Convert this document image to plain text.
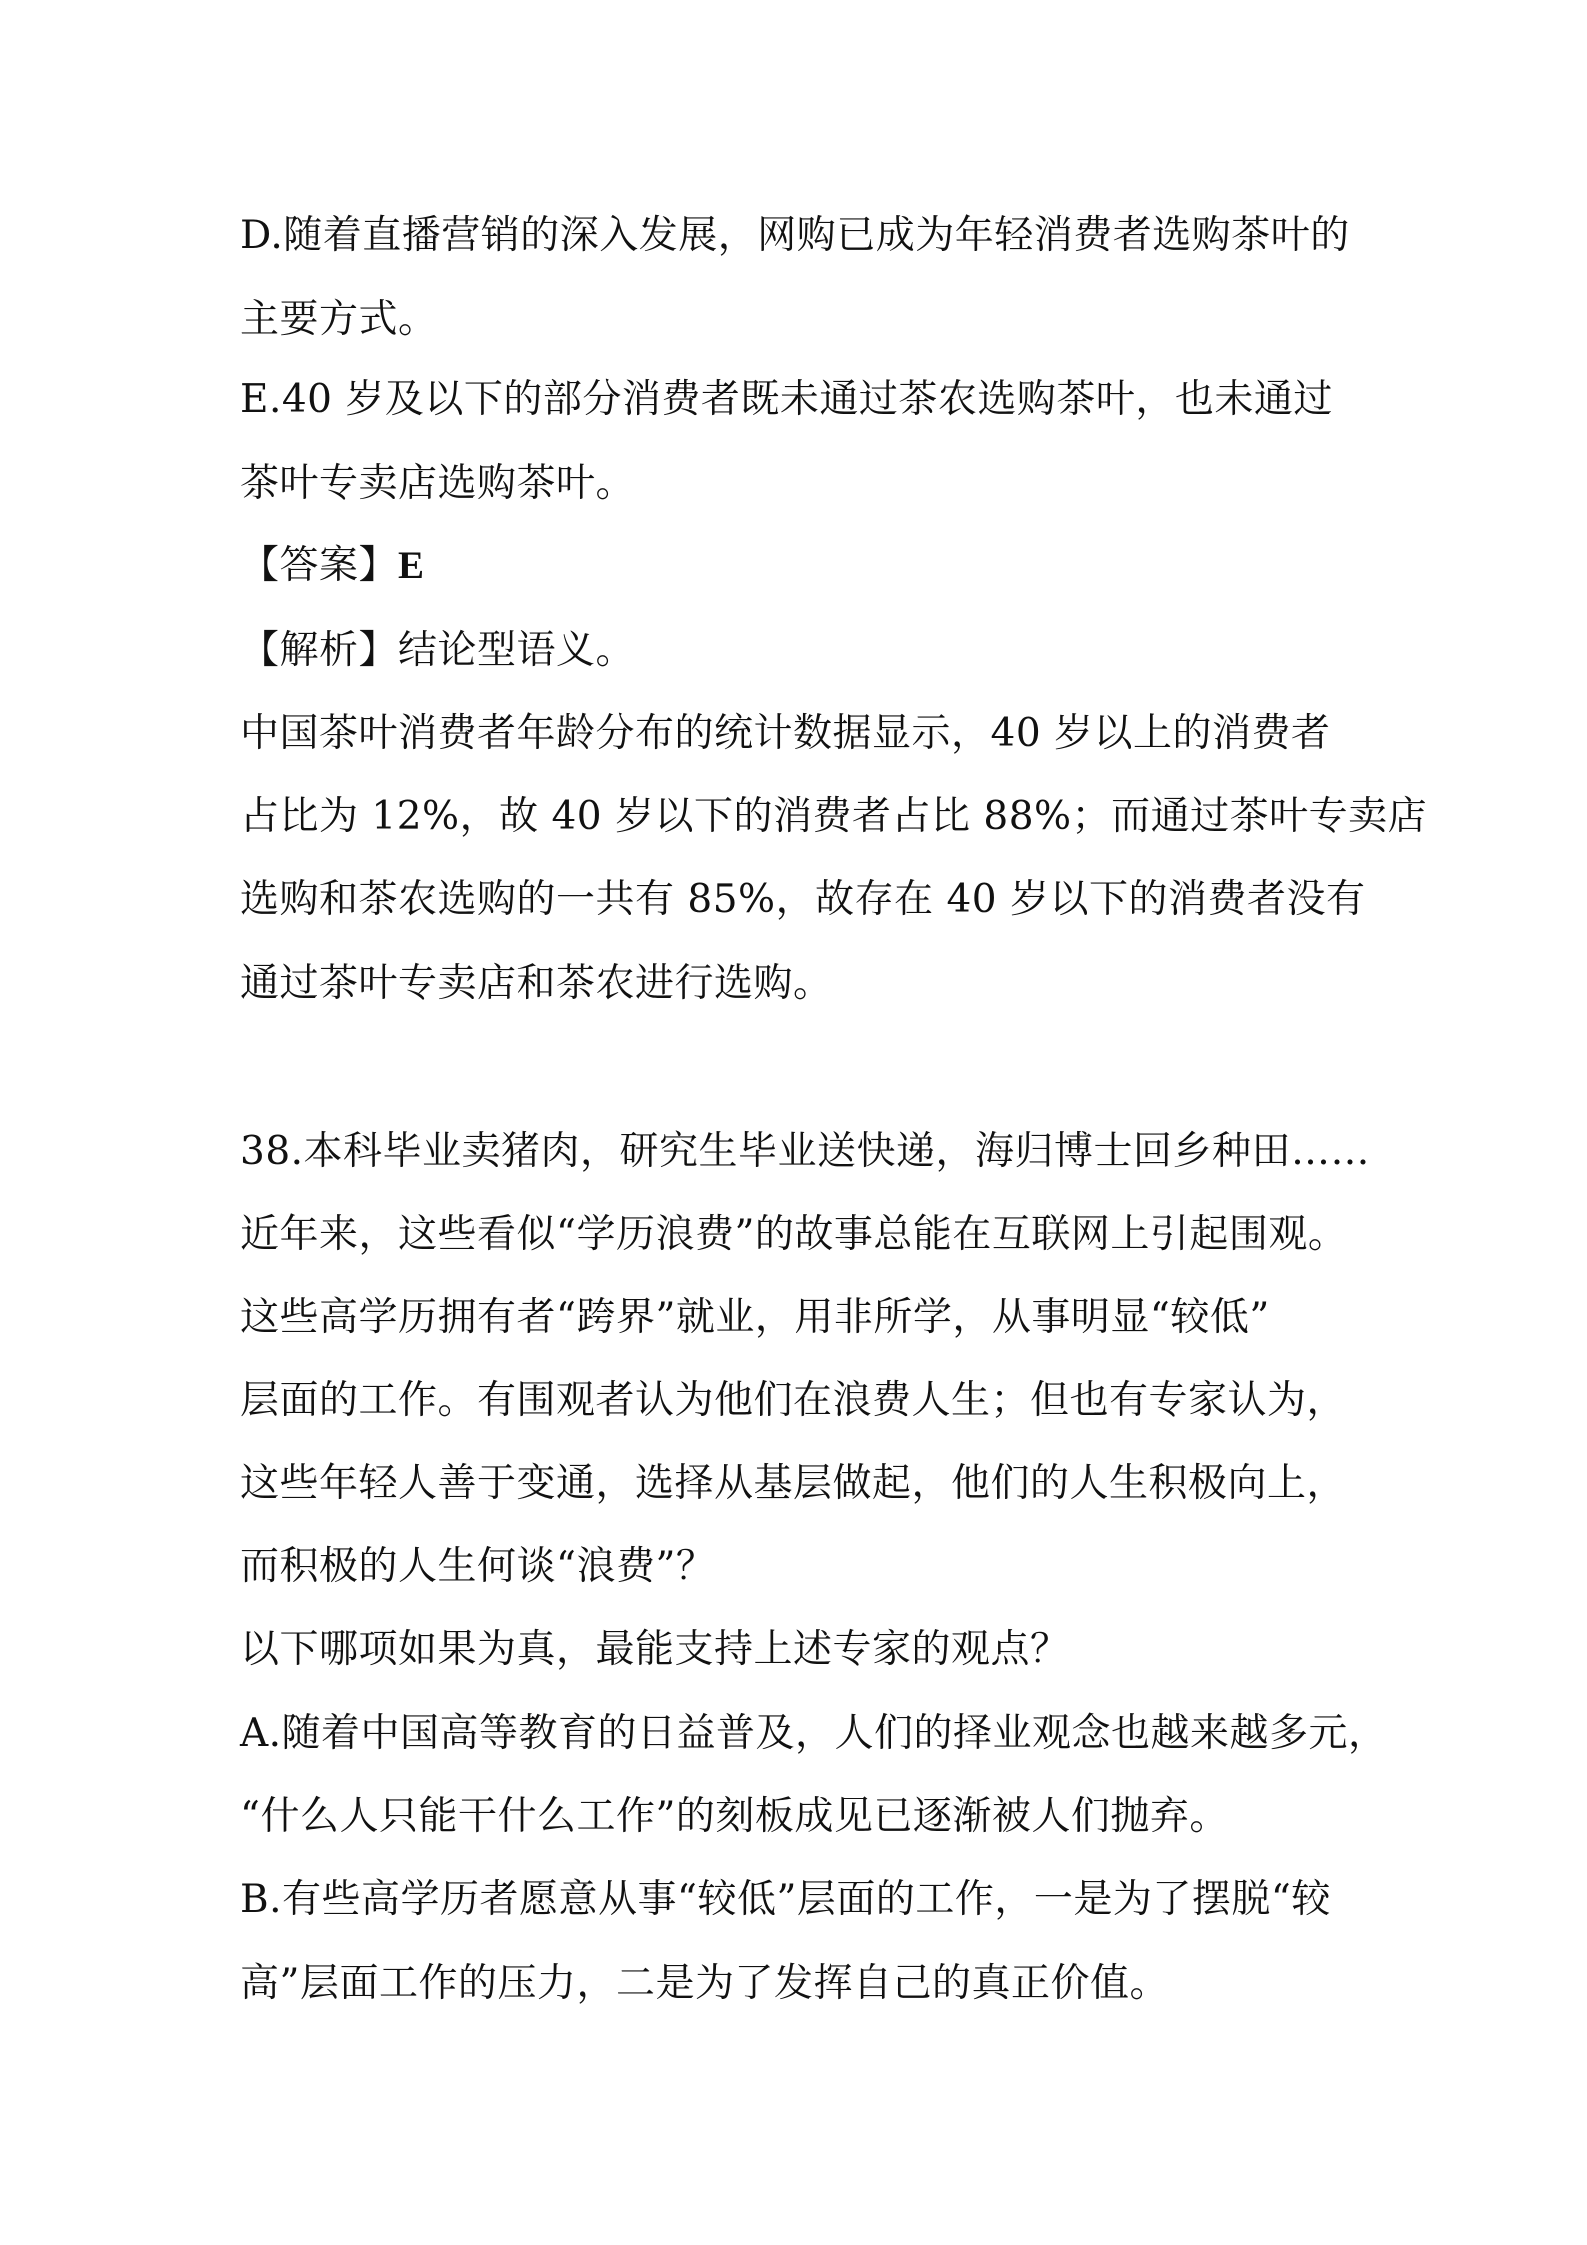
D.随着直播营销的深入发展，网购已成为年轻消费者选购茶叶的
主要方式。
E.40 岁及以下的部分消费者既未通过茶农选购茶叶，也未通过
茶叶专卖店选购茶叶。
【答案】E
【解析】结论型语义。
中国茶叶消费者年龄分布的统计数据显示，40 岁以上的消费者
占比为 12%，故 40 岁以下的消费者占比 88%；而通过茶叶专卖店
选购和茶农选购的一共有 85%，故存在 40 岁以下的消费者没有
通过茶叶专卖店和茶农进行选购。
38.本科毕业卖猪肉，研究生毕业送快递，海归博士回乡种田……
近年来，这些看似“学历浪费”的故事总能在互联网上引起围观。
这些高学历拥有者“跨界”就业，用非所学，从事明显“较低”
层面的工作。有围观者认为他们在浪费人生；但也有专家认为，
这些年轻人善于变通，选择从基层做起，他们的人生积极向上，
而积极的人生何谈“浪费”？
以下哪项如果为真，最能支持上述专家的观点？
A.随着中国高等教育的日益普及，人们的择业观念也越来越多元，
“什么人只能干什么工作”的刻板成见已逐渐被人们抛弃。
B.有些高学历者愿意从事“较低”层面的工作，一是为了摆脱“较
高”层面工作的压力，二是为了发挥自己的真正价值。
